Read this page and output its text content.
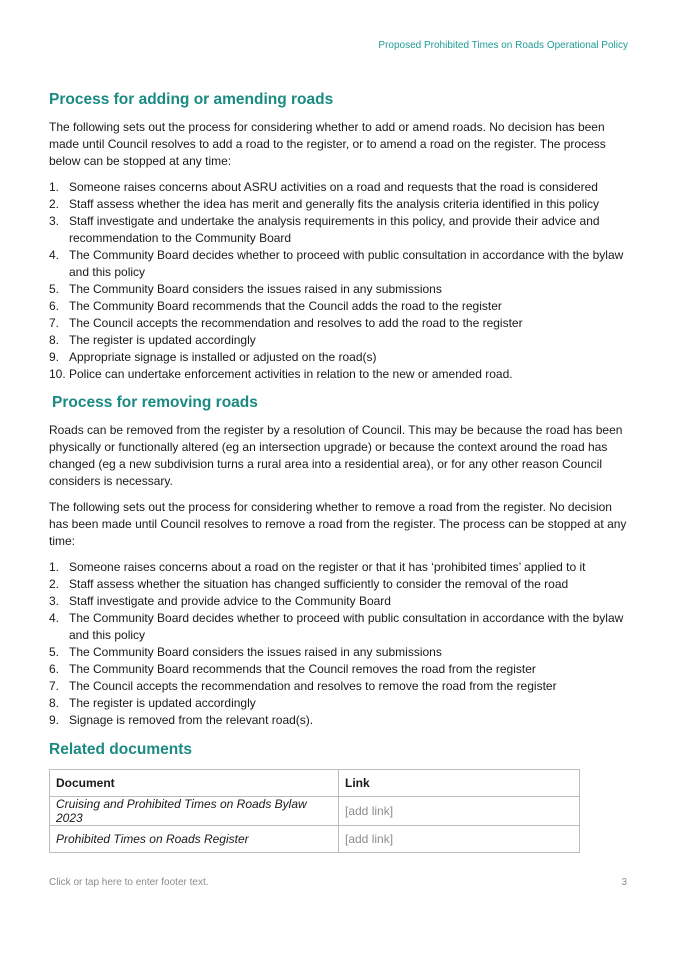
Proposed Prohibited Times on Roads Operational Policy
Process for adding or amending roads

The following sets out the process for considering whether to add or amend roads. No decision has been made until Council resolves to add a road to the register, or to amend a road on the register. The process below can be stopped at any time:

1. Someone raises concerns about ASRU activities on a road and requests that the road is considered
2. Staff assess whether the idea has merit and generally fits the analysis criteria identified in this policy
3. Staff investigate and undertake the analysis requirements in this policy, and provide their advice and recommendation to the Community Board
4. The Community Board decides whether to proceed with public consultation in accordance with the bylaw and this policy
5. The Community Board considers the issues raised in any submissions
6. The Community Board recommends that the Council adds the road to the register
7. The Council accepts the recommendation and resolves to add the road to the register
8. The register is updated accordingly
9. Appropriate signage is installed or adjusted on the road(s)
10. Police can undertake enforcement activities in relation to the new or amended road.
Process for removing roads

Roads can be removed from the register by a resolution of Council. This may be because the road has been physically or functionally altered (eg an intersection upgrade) or because the context around the road has changed (eg a new subdivision turns a rural area into a residential area), or for any other reason Council considers is necessary.

The following sets out the process for considering whether to remove a road from the register. No decision has been made until Council resolves to remove a road from the register. The process can be stopped at any time:

1. Someone raises concerns about a road on the register or that it has ‘prohibited times’ applied to it
2. Staff assess whether the situation has changed sufficiently to consider the removal of the road
3. Staff investigate and provide advice to the Community Board
4. The Community Board decides whether to proceed with public consultation in accordance with the bylaw and this policy
5. The Community Board considers the issues raised in any submissions
6. The Community Board recommends that the Council removes the road from the register
7. The Council accepts the recommendation and resolves to remove the road from the register
8. The register is updated accordingly
9. Signage is removed from the relevant road(s).
Related documents
Document	Link
Cruising and Prohibited Times on Roads Bylaw 2023	[add link]
Prohibited Times on Roads Register	[add link]
Click or tap here to enter footer text.	3
